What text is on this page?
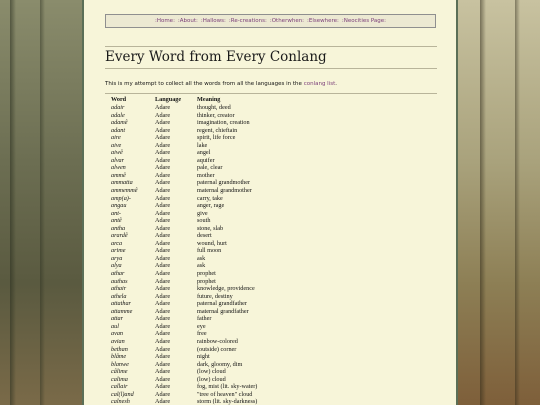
:Home: :About: :Hallows: :Re-creations: :Otherwhen: :Elsewhere: :Neocities Page:
Every Word from Every Conlang

This is my attempt to collect all the words from all the languages in the conlang list.

Word	Language	Meaning
adair	Adare	thought, deed
adale	Adare	thinker, creator
adamê	Adare	imagination, creation
adant	Adare	regent, chieftain
aire	Adare	spirit, life force
aive	Adare	lake
aiwê	Adare	angel
alvar	Adare	aquifer
alwen	Adare	pale, clear
ammê	Adare	mother
ammatta	Adare	paternal grandmother
ammemmê	Adare	maternal grandmother
amp(a)-	Adare	carry, take
angau	Adare	anger, rage
ant-	Adare	give
antê	Adare	south
antha	Adare	stone, slab
arardê	Adare	desert
arca	Adare	wound, hurt
arime	Adare	full moon
arya	Adare	ask
alya	Adare	ask
athar	Adare	prophet
authas	Adare	prophet
athair	Adare	knowledge, providence
athela	Adare	future, destiny
attathar	Adare	paternal grandfather
attamme	Adare	maternal grandfather
attar	Adare	father
aul	Adare	eye
avan	Adare	free
avian	Adare	rainbow-colored
bethan	Adare	(outside) corner
blâme	Adare	night
blanwe	Adare	dark, gloomy, dim
câlime	Adare	(low) cloud
calima	Adare	(low) cloud
callair	Adare	fog, mist (lit. sky-water)
cal(l)and	Adare	"tree of heaven" cloud
calnesh	Adare	storm (lit. sky-darkness)
